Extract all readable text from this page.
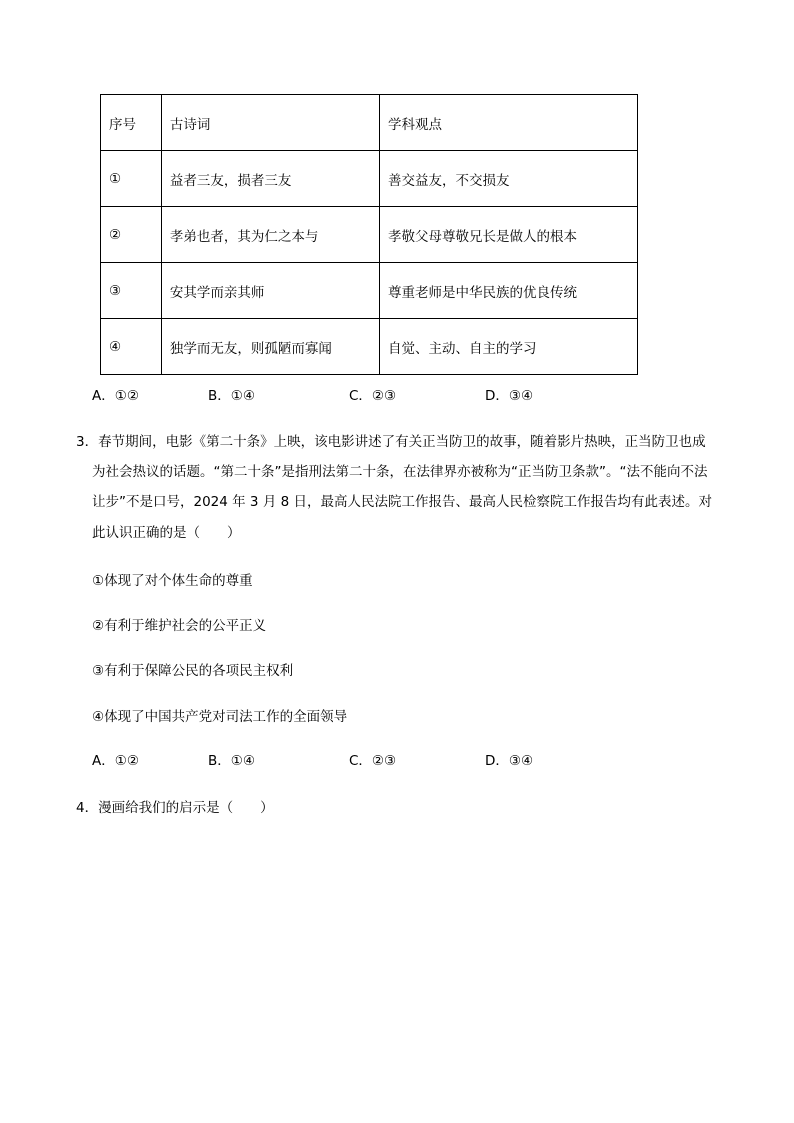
序号	古诗词	学科观点
①	益者三友，损者三友	善交益友，不交损友
②	孝弟也者，其为仁之本与	孝敬父母尊敬兄长是做人的根本
③	安其学而亲其师	尊重老师是中华民族的优良传统
④	独学而无友，则孤陋而寡闻	自觉、主动、自主的学习
A．①②	B．①④	C．②③	D．③④
3．春节期间，电影《第二十条》上映，该电影讲述了有关正当防卫的故事，随着影片热映，正当防卫也成
为社会热议的话题。“第二十条”是指刑法第二十条，在法律界亦被称为“正当防卫条款”。“法不能向不法
让步”不是口号，2024 年 3 月 8 日，最高人民法院工作报告、最高人民检察院工作报告均有此表述。对
此认识正确的是（　　）
①体现了对个体生命的尊重
②有利于维护社会的公平正义
③有利于保障公民的各项民主权利
④体现了中国共产党对司法工作的全面领导
A．①②	B．①④	C．②③	D．③④
4．漫画给我们的启示是（　　）
